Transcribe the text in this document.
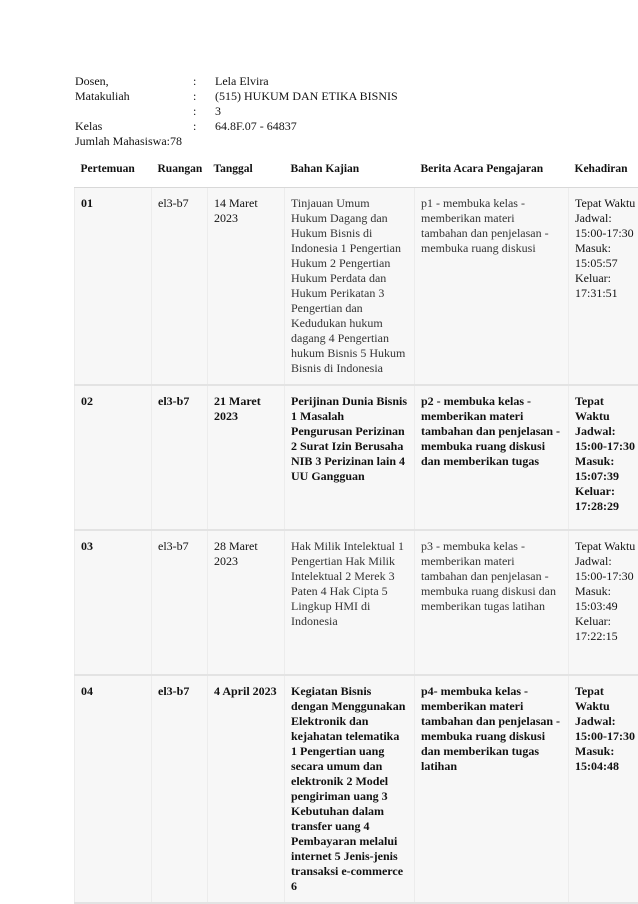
Dosen,	:	Lela Elvira
Matakuliah	:	(515) HUKUM DAN ETIKA BISNIS
:	3
Kelas	:	64.8F.07 - 64837
Jumlah Mahasiswa : 78
Pertemuan	Ruangan	Tanggal	Bahan Kajian	Berita Acara Pengajaran	Kehadiran
01	el3-b7	14 Maret 2023	Tinjauan Umum Hukum Dagang dan Hukum Bisnis di Indonesia 1 Pengertian Hukum 2 Pengertian Hukum Perdata dan Hukum Perikatan 3 Pengertian dan Kedudukan hukum dagang 4 Pengertian hukum Bisnis 5 Hukum Bisnis di Indonesia	p1 - membuka kelas - memberikan materi tambahan dan penjelasan - membuka ruang diskusi	Tepat Waktu Jadwal: 15:00-17:30 Masuk: 15:05:57 Keluar: 17:31:51
02	el3-b7	21 Maret 2023	Perijinan Dunia Bisnis 1 Masalah Pengurusan Perizinan 2 Surat Izin Berusaha NIB 3 Perizinan lain 4 UU Gangguan	p2 - membuka kelas - memberikan materi tambahan dan penjelasan - membuka ruang diskusi dan memberikan tugas	Tepat Waktu Jadwal: 15:00-17:30 Masuk: 15:07:39 Keluar: 17:28:29
03	el3-b7	28 Maret 2023	Hak Milik Intelektual 1 Pengertian Hak Milik Intelektual 2 Merek 3 Paten 4 Hak Cipta 5 Lingkup HMI di Indonesia	p3 - membuka kelas - memberikan materi tambahan dan penjelasan - membuka ruang diskusi dan memberikan tugas latihan	Tepat Waktu Jadwal: 15:00-17:30 Masuk: 15:03:49 Keluar: 17:22:15
04	el3-b7	4 April 2023	Kegiatan Bisnis dengan Menggunakan Elektronik dan kejahatan telematika 1 Pengertian uang secara umum dan elektronik 2 Model pengiriman uang 3 Kebutuhan dalam transfer uang 4 Pembayaran melalui internet 5 Jenis-jenis transaksi e-commerce 6	p4- membuka kelas - memberikan materi tambahan dan penjelasan - membuka ruang diskusi dan memberikan tugas latihan	Tepat Waktu Jadwal: 15:00-17:30 Masuk: 15:04:48
